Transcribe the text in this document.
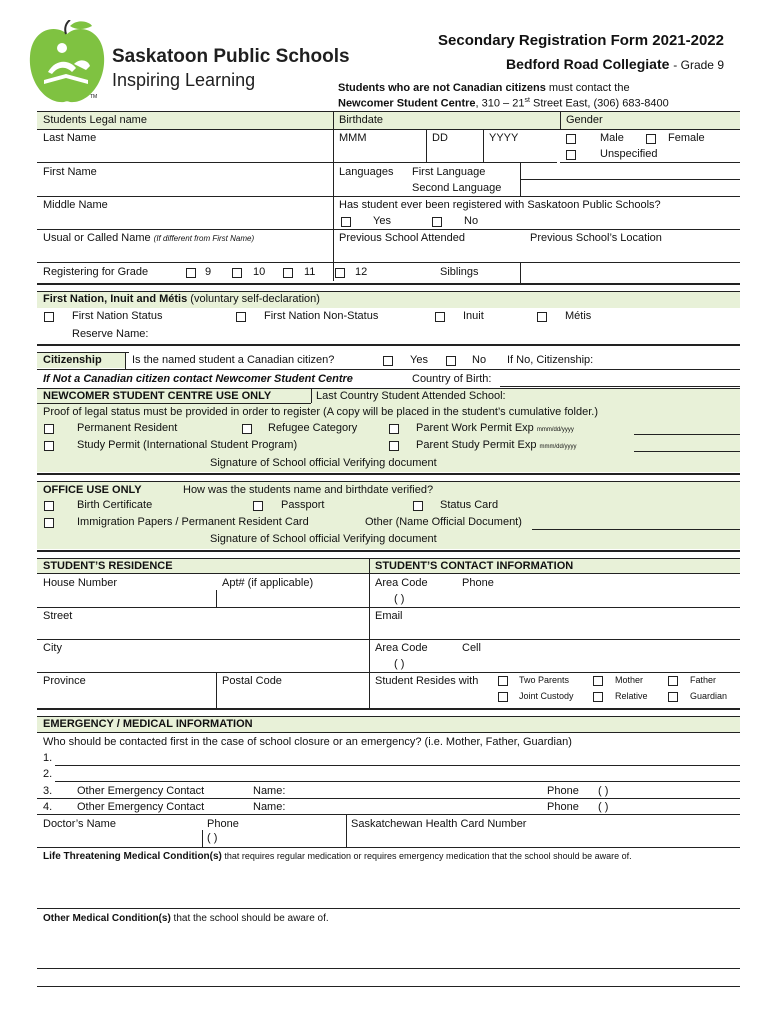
TM
Saskatoon Public Schools
Inspiring Learning
Secondary Registration Form 2021-2022
Bedford Road Collegiate - Grade 9
Students who are not Canadian citizens must contact the
Newcomer Student Centre, 310 – 21st Street East, (306) 683-8400
Students Legal name	Birthdate	Gender
Last Name	MMM	DD	YYYY	Male	Female
Unspecified
First Name	Languages First Language
Second Language
Middle Name	Has student ever been registered with Saskatoon Public Schools?
Yes	No
Usual or Called Name (If different from First Name)	Previous School Attended	Previous School’s Location
Registering for Grade	9	10	11	12	Siblings
First Nation, Inuit and Métis (voluntary self-declaration)
First Nation Status	First Nation Non-Status	Inuit	Métis
Reserve Name:
Citizenship	Is the named student a Canadian citizen?	Yes	No If No, Citizenship:
If Not a Canadian citizen contact Newcomer Student Centre	Country of Birth:
NEWCOMER STUDENT CENTRE USE ONLY	Last Country Student Attended School:
Proof of legal status must be provided in order to register (A copy will be placed in the student’s cumulative folder.)
Permanent Resident	Refugee Category	Parent Work Permit Exp mmm/dd/yyyy
Study Permit (International Student Program)	Parent Study Permit Exp mmm/dd/yyyy
Signature of School official Verifying document
OFFICE USE ONLY	How was the students name and birthdate verified?
Birth Certificate	Passport	Status Card
Immigration Papers / Permanent Resident Card	Other (Name Official Document)
Signature of School official Verifying document
STUDENT’S RESIDENCE	STUDENT’S CONTACT INFORMATION
House Number	Apt# (if applicable)	Area Code	Phone
( )
Street	Email
City	Area Code	Cell
( )
Province	Postal Code	Student Resides with	Two Parents	Mother	Father
Joint Custody	Relative	Guardian
EMERGENCY / MEDICAL INFORMATION
Who should be contacted first in the case of school closure or an emergency? (i.e. Mother, Father, Guardian)
1.
2.
3. Other Emergency Contact	Name:	Phone ( )
4. Other Emergency Contact	Name:	Phone ( )
Doctor’s Name	Phone
( )
Saskatchewan Health Card Number
Life Threatening Medical Condition(s) that requires regular medication or requires emergency medication that the school should be aware of.
Other Medical Condition(s) that the school should be aware of.
